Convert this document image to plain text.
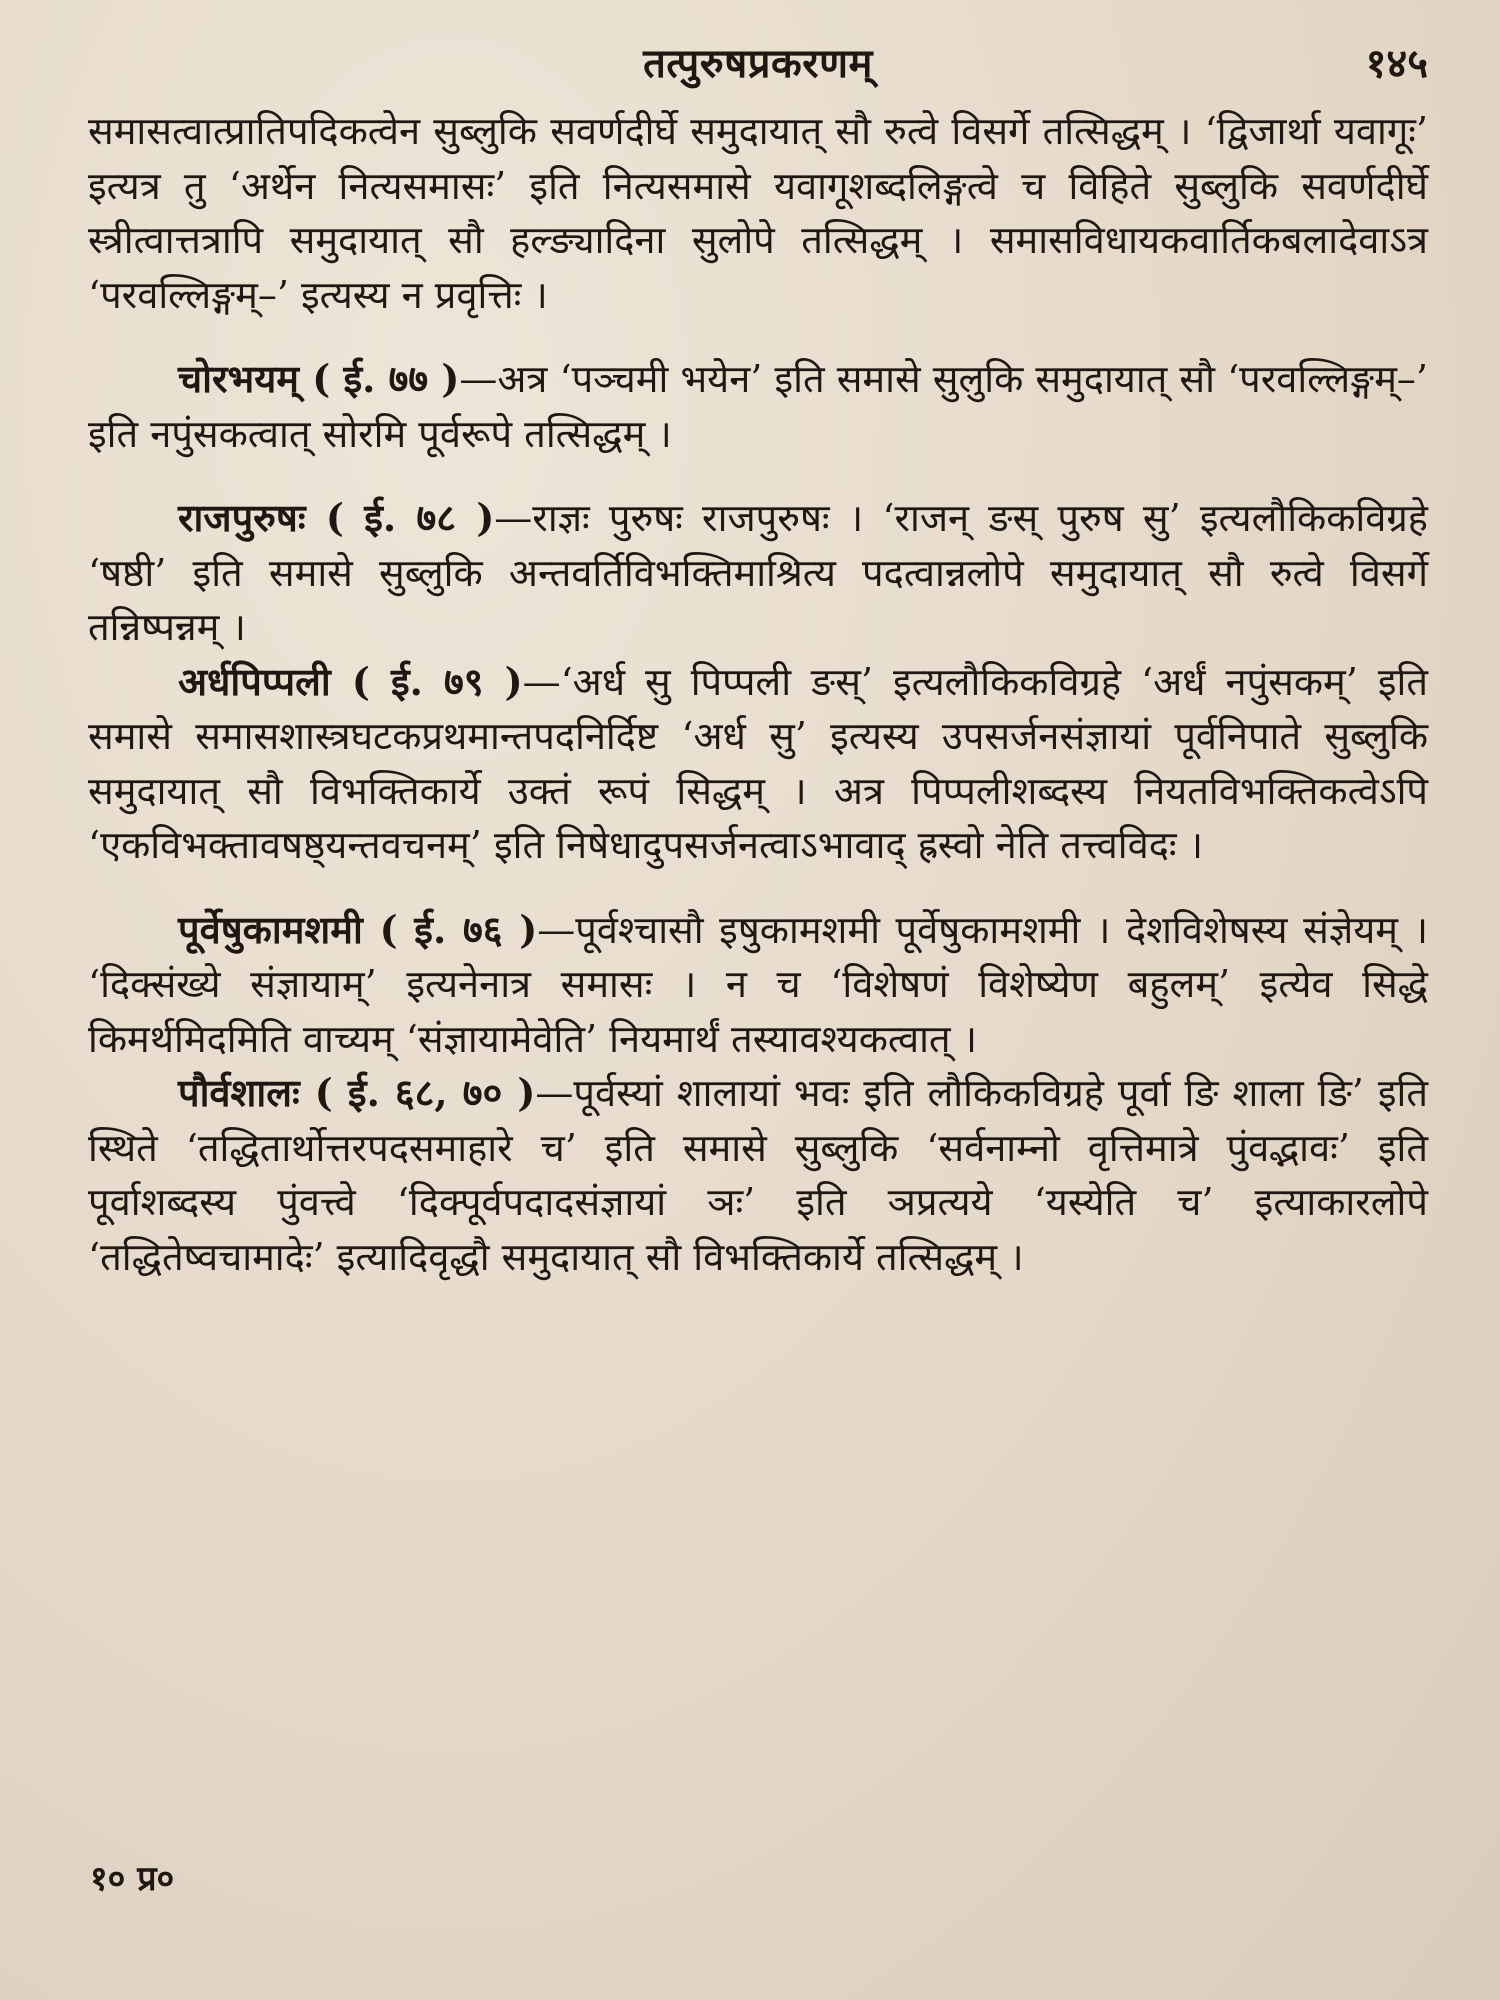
तत्पुरुषप्रकरणम्	१४५

समासत्वात्प्रातिपदिकत्वेन सुब्लुकि सवर्णदीर्घे समुदायात् सौ रुत्वे विसर्गे तत्सिद्धम् । ‘द्विजार्था यवागूः’ इत्यत्र तु ‘अर्थेन नित्यसमासः’ इति नित्यसमासे यवागूशब्दलिङ्गत्वे च विहिते सुब्लुकि सवर्णदीर्घे स्त्रीत्वात्तत्रापि समुदायात् सौ हल्ङ्यादिना सुलोपे तत्सिद्धम् । समासविधायकवार्तिकबलादेवाऽत्र ‘परवल्लिङ्गम्–’ इत्यस्य न प्रवृत्तिः ।

चोरभयम् ( ई. ७७ )—अत्र ‘पञ्चमी भयेन’ इति समासे सुलुकि समुदायात् सौ ‘परवल्लिङ्गम्–’ इति नपुंसकत्वात् सोरमि पूर्वरूपे तत्सिद्धम् ।

राजपुरुषः ( ई. ७८ )—राज्ञः पुरुषः राजपुरुषः । ‘राजन् ङस् पुरुष सु’ इत्यलौकिकविग्रहे ‘षष्ठी’ इति समासे सुब्लुकि अन्तवर्तिविभक्तिमाश्रित्य पदत्वान्नलोपे समुदायात् सौ रुत्वे विसर्गे तन्निष्पन्नम् ।

अर्धपिप्पली ( ई. ७९ )—‘अर्ध सु पिप्पली ङस्’ इत्यलौकिकविग्रहे ‘अर्धं नपुंसकम्’ इति समासे समासशास्त्रघटकप्रथमान्तपदनिर्दिष्ट ‘अर्ध सु’ इत्यस्य उपसर्जनसंज्ञायां पूर्वनिपाते सुब्लुकि समुदायात् सौ विभक्तिकार्ये उक्तं रूपं सिद्धम् । अत्र पिप्पलीशब्दस्य नियतविभक्तिकत्वेऽपि ‘एकविभक्तावषष्ठ्यन्तवचनम्’ इति निषेधादुपसर्जनत्वाऽभावाद् ह्रस्वो नेति तत्त्वविदः ।

पूर्वेषुकामशमी ( ई. ७६ )—पूर्वश्चासौ इषुकामशमी पूर्वेषुकामशमी । देशविशेषस्य संज्ञेयम् । ‘दिक्संख्ये संज्ञायाम्’ इत्यनेनात्र समासः । न च ‘विशेषणं विशेष्येण बहुलम्’ इत्येव सिद्धे किमर्थमिदमिति वाच्यम् ‘संज्ञायामेवेति’ नियमार्थं तस्यावश्यकत्वात् ।

पौर्वशालः ( ई. ६८, ७० )—पूर्वस्यां शालायां भवः इति लौकिकविग्रहे पूर्वा ङि शाला ङि’ इति स्थिते ‘तद्धितार्थोत्तरपदसमाहारे च’ इति समासे सुब्लुकि ‘सर्वनाम्नो वृत्तिमात्रे पुंवद्भावः’ इति पूर्वाशब्दस्य पुंवत्त्वे ‘दिक्पूर्वपदादसंज्ञायां ञः’ इति ञप्रत्यये ‘यस्येति च’ इत्याकारलोपे ‘तद्धितेष्वचामादेः’ इत्यादिवृद्धौ समुदायात् सौ विभक्तिकार्ये तत्सिद्धम् ।

१० प्र०
